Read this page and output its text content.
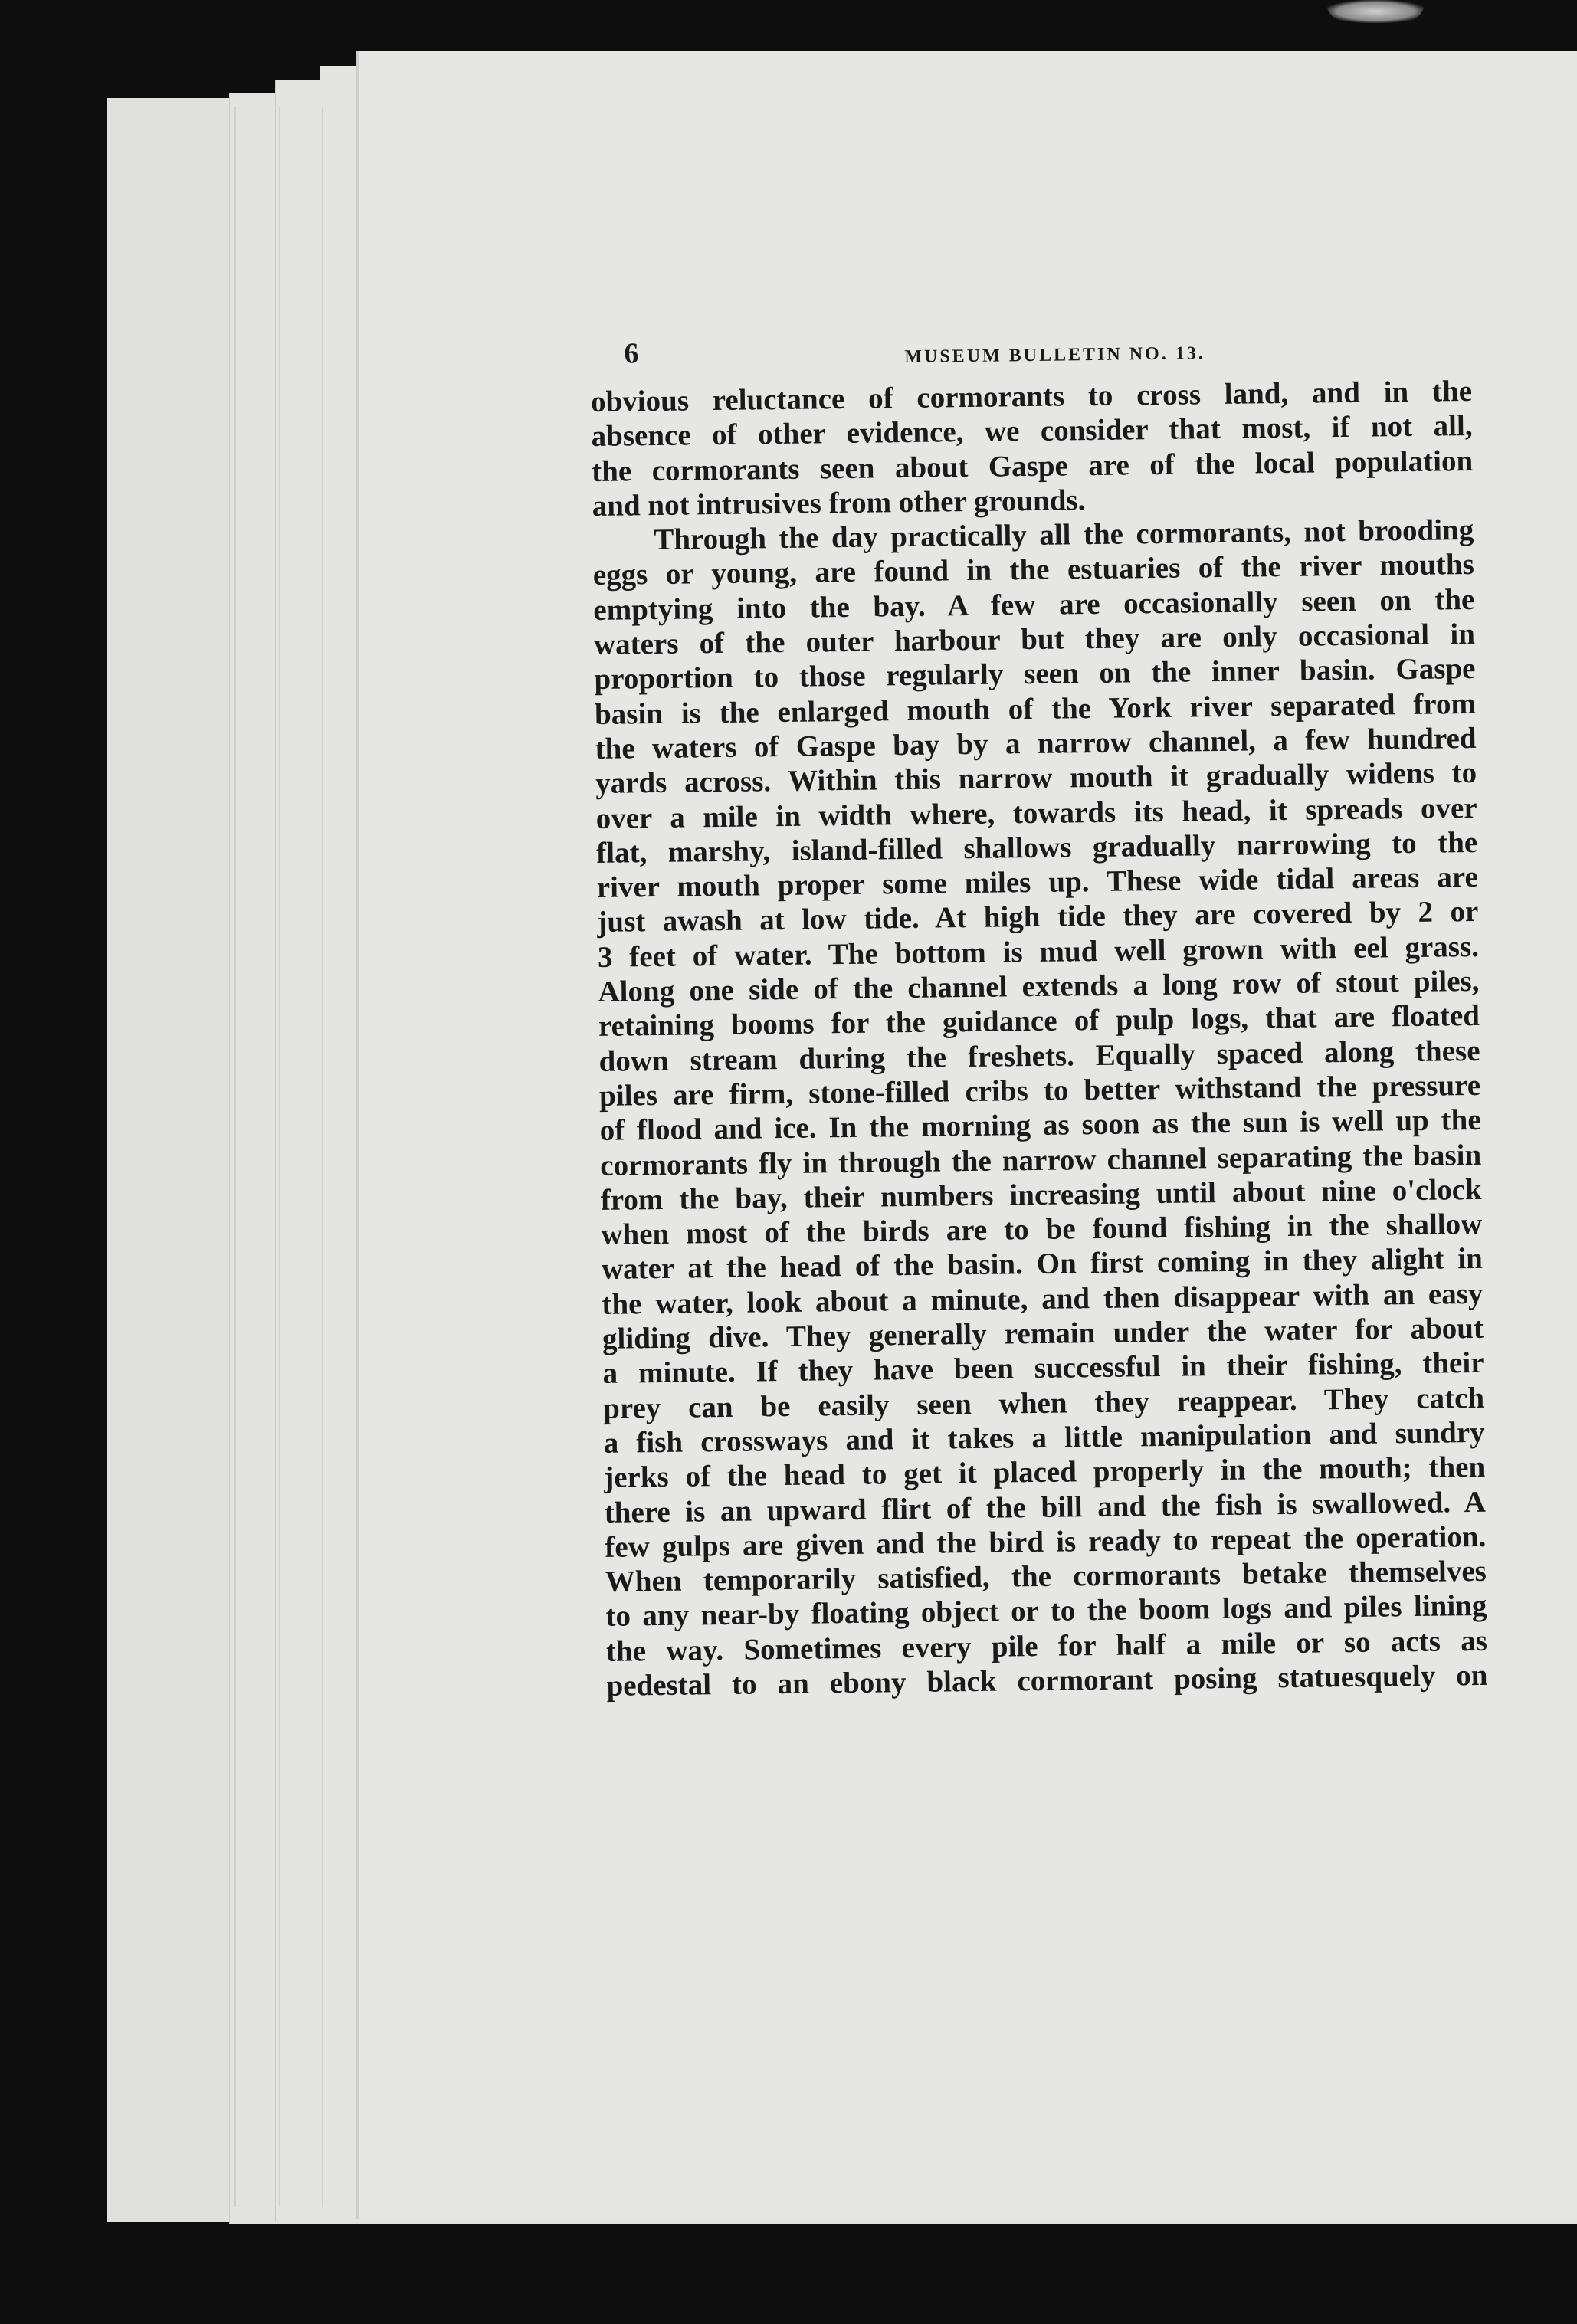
6	MUSEUM BULLETIN NO. 13.
obvious reluctance of cormorants to cross land, and in the
absence of other evidence, we consider that most, if not all,
the cormorants seen about Gaspe are of the local population
and not intrusives from other grounds.
Through the day practically all the cormorants, not brooding
eggs or young, are found in the estuaries of the river mouths
emptying into the bay. A few are occasionally seen on the
waters of the outer harbour but they are only occasional in
proportion to those regularly seen on the inner basin. Gaspe
basin is the enlarged mouth of the York river separated from
the waters of Gaspe bay by a narrow channel, a few hundred
yards across. Within this narrow mouth it gradually widens to
over a mile in width where, towards its head, it spreads over
flat, marshy, island-filled shallows gradually narrowing to the
river mouth proper some miles up. These wide tidal areas are
just awash at low tide. At high tide they are covered by 2 or
3 feet of water. The bottom is mud well grown with eel grass.
Along one side of the channel extends a long row of stout piles,
retaining booms for the guidance of pulp logs, that are floated
down stream during the freshets. Equally spaced along these
piles are firm, stone-filled cribs to better withstand the pressure
of flood and ice. In the morning as soon as the sun is well up the
cormorants fly in through the narrow channel separating the basin
from the bay, their numbers increasing until about nine o'clock
when most of the birds are to be found fishing in the shallow
water at the head of the basin. On first coming in they alight in
the water, look about a minute, and then disappear with an easy
gliding dive. They generally remain under the water for about
a minute. If they have been successful in their fishing, their
prey can be easily seen when they reappear. They catch
a fish crossways and it takes a little manipulation and sundry
jerks of the head to get it placed properly in the mouth; then
there is an upward flirt of the bill and the fish is swallowed. A
few gulps are given and the bird is ready to repeat the operation.
When temporarily satisfied, the cormorants betake themselves
to any near-by floating object or to the boom logs and piles lining
the way. Sometimes every pile for half a mile or so acts as
pedestal to an ebony black cormorant posing statuesquely on
